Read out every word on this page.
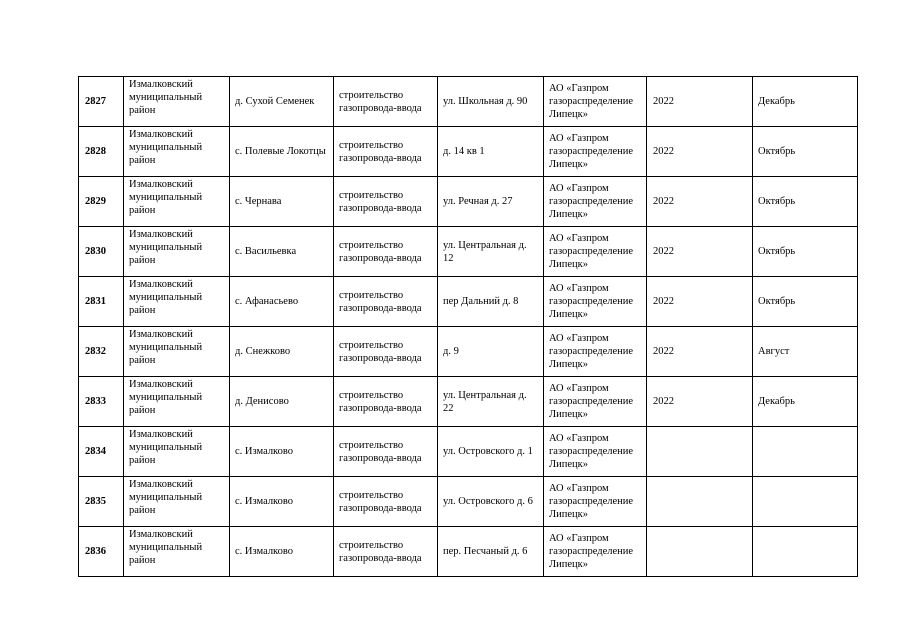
2827	Измалковский муниципальный район	д. Сухой Семенек	строительство газопровода-ввода	ул. Школьная д. 90	АО «Газпром газораспределение Липецк»	2022	Декабрь
2828	Измалковский муниципальный район	с. Полевые Локотцы	строительство газопровода-ввода	д. 14 кв 1	АО «Газпром газораспределение Липецк»	2022	Октябрь
2829	Измалковский муниципальный район	с. Чернава	строительство газопровода-ввода	ул. Речная д. 27	АО «Газпром газораспределение Липецк»	2022	Октябрь
2830	Измалковский муниципальный район	с. Васильевка	строительство газопровода-ввода	ул. Центральная д. 12	АО «Газпром газораспределение Липецк»	2022	Октябрь
2831	Измалковский муниципальный район	с. Афанасьево	строительство газопровода-ввода	пер Дальний д. 8	АО «Газпром газораспределение Липецк»	2022	Октябрь
2832	Измалковский муниципальный район	д. Снежково	строительство газопровода-ввода	д. 9	АО «Газпром газораспределение Липецк»	2022	Август
2833	Измалковский муниципальный район	д. Денисово	строительство газопровода-ввода	ул. Центральная д. 22	АО «Газпром газораспределение Липецк»	2022	Декабрь
2834	Измалковский муниципальный район	с. Измалково	строительство газопровода-ввода	ул. Островского д. 1	АО «Газпром газораспределение Липецк»		
2835	Измалковский муниципальный район	с. Измалково	строительство газопровода-ввода	ул. Островского д. 6	АО «Газпром газораспределение Липецк»		
2836	Измалковский муниципальный район	с. Измалково	строительство газопровода-ввода	пер. Песчаный д. 6	АО «Газпром газораспределение Липецк»		
